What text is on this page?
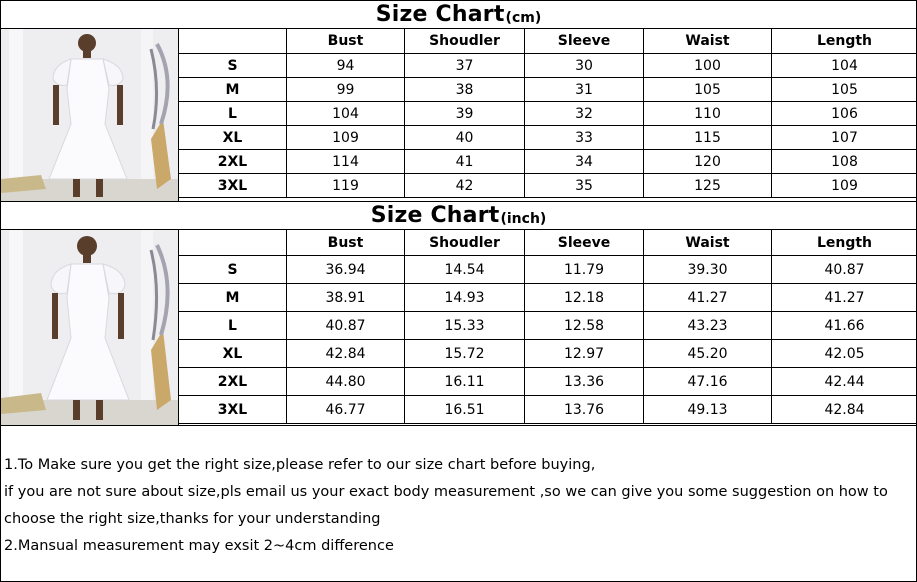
Size Chart (cm)
	Bust	Shoudler	Sleeve	Waist	Length
S	94	37	30	100	104
M	99	38	31	105	105
L	104	39	32	110	106
XL	109	40	33	115	107
2XL	114	41	34	120	108
3XL	119	42	35	125	109
Size Chart (inch)
	Bust	Shoudler	Sleeve	Waist	Length
S	36.94	14.54	11.79	39.30	40.87
M	38.91	14.93	12.18	41.27	41.27
L	40.87	15.33	12.58	43.23	41.66
XL	42.84	15.72	12.97	45.20	42.05
2XL	44.80	16.11	13.36	47.16	42.44
3XL	46.77	16.51	13.76	49.13	42.84
1.To Make sure you get the right size,please refer to our size chart before buying,
if you are not sure about size,pls email us your exact body measurement ,so we can give you some suggestion on how to
choose the right size,thanks for your understanding
2.Mansual measurement may exsit 2~4cm difference
